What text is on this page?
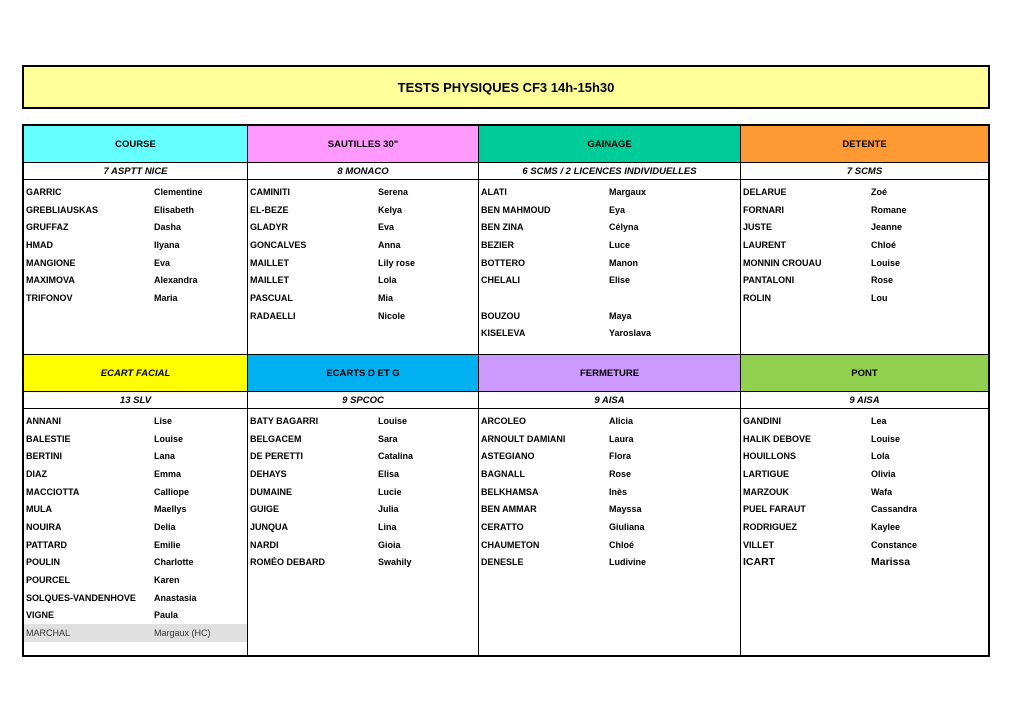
TESTS PHYSIQUES CF3 14h-15h30
COURSE	SAUTILLES 30"	GAINAGE	DETENTE
7 ASPTT NICE	8 MONACO	6 SCMS / 2 LICENCES INDIVIDUELLES	7 SCMS
GARRIC	Clementine
GREBLIAUSKAS	Elisabeth
GRUFFAZ	Dasha
HMAD	Ilyana
MANGIONE	Eva
MAXIMOVA	Alexandra
TRIFONOV	Maria
CAMINITI	Serena
EL-BEZE	Kelya
GLADYR	Eva
GONCALVES	Anna
MAILLET	Lily rose
MAILLET	Lola
PASCUAL	Mia
RADAELLI	Nicole
ALATI	Margaux
BEN MAHMOUD	Eya
BEN ZINA	Célyna
BEZIER	Luce
BOTTERO	Manon
CHELALI	Elise
BOUZOU	Maya
KISELEVA	Yaroslava
DELARUE	Zoé
FORNARI	Romane
JUSTE	Jeanne
LAURENT	Chloé
MONNIN CROUAU	Louise
PANTALONI	Rose
ROLIN	Lou
ECART FACIAL	ECARTS D ET G	FERMETURE	PONT
13 SLV	9 SPCOC	9 AISA	9 AISA
ANNANI	Lise
BALESTIE	Louise
BERTINI	Lana
DIAZ	Emma
MACCIOTTA	Calliope
MULA	Maellys
NOUIRA	Delia
PATTARD	Emilie
POULIN	Charlotte
POURCEL	Karen
SOLQUES-VANDENHOVE	Anastasia
VIGNE	Paula
MARCHAL	Margaux (HC)
BATY BAGARRI	Louise
BELGACEM	Sara
DE PERETTI	Catalina
DEHAYS	Elisa
DUMAINE	Lucie
GUIGE	Julia
JUNQUA	Lina
NARDI	Gioia
ROMÉO DEBARD	Swahily
ARCOLEO	Alicia
ARNOULT DAMIANI	Laura
ASTEGIANO	Flora
BAGNALL	Rose
BELKHAMSA	Inès
BEN AMMAR	Mayssa
CERATTO	Giuliana
CHAUMETON	Chloé
DENESLE	Ludivine
GANDINI	Lea
HALIK DEBOVE	Louise
HOUILLONS	Lola
LARTIGUE	Olivia
MARZOUK	Wafa
PUEL FARAUT	Cassandra
RODRIGUEZ	Kaylee
VILLET	Constance
ICART	Marissa
